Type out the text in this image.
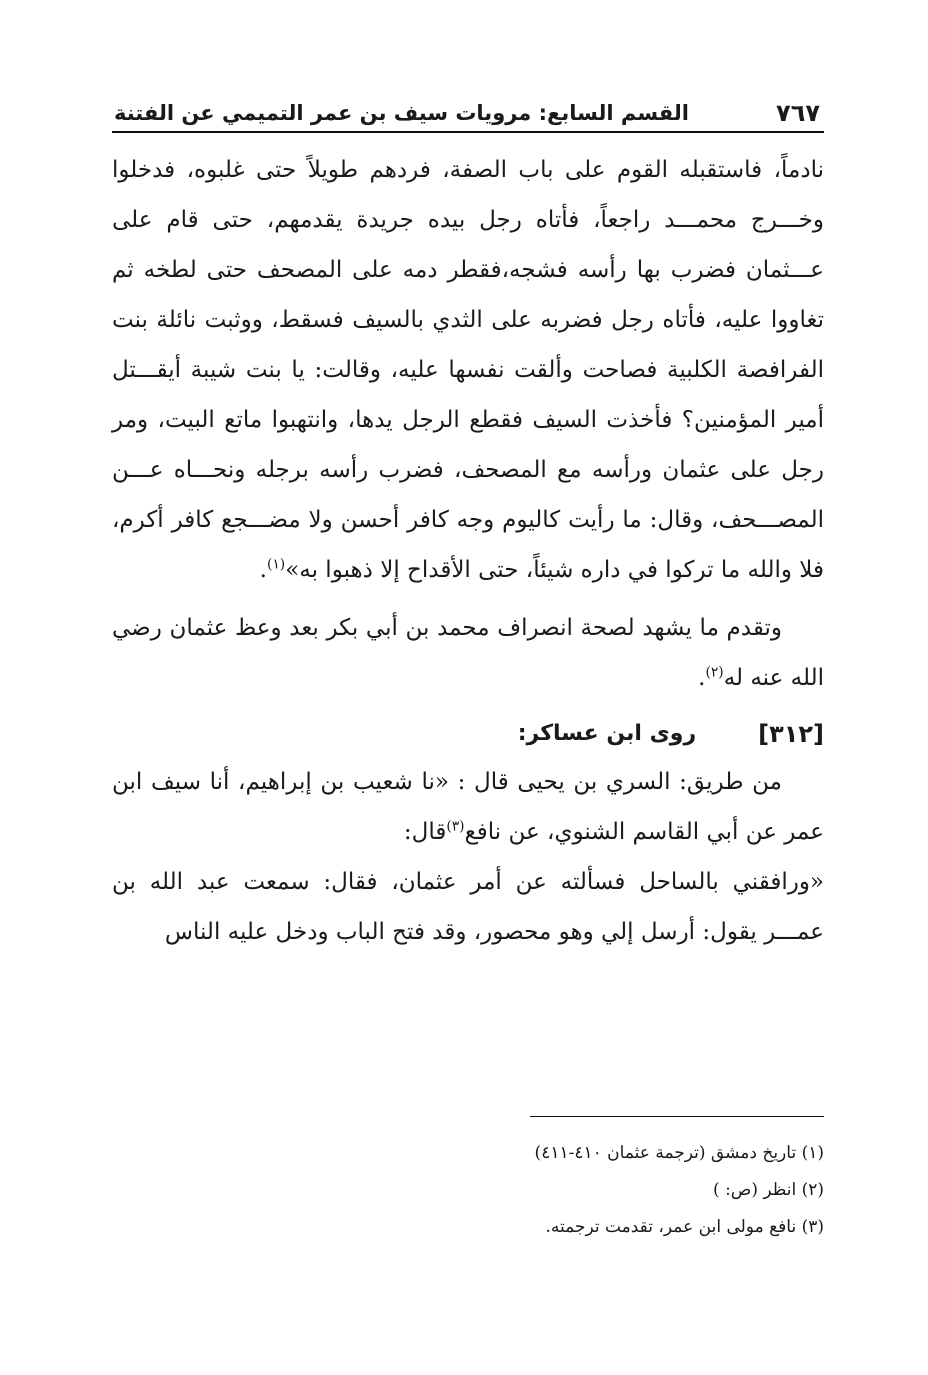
٧٦٧
القسم السابع: مرويات سيف بن عمر التميمي عن الفتنة

نادماً، فاستقبله القوم على باب الصفة، فردهم طويلاً حتى غلبوه، فدخلوا وخـــرج محمـــد راجعاً، فأتاه رجل بيده جريدة يقدمهم، حتى قام على عـــثمان فضرب بها رأسه فشجه،فقطر دمه على المصحف حتى لطخه ثم تغاووا عليه، فأتاه رجل فضربه على الثدي بالسيف فسقط، ووثبت نائلة بنت الفرافصة الكلبية فصاحت وألقت نفسها عليه، وقالت: يا بنت شيبة أيقـــتل أمير المؤمنين؟ فأخذت السيف فقطع الرجل يدها، وانتهبوا ماتع البيت، ومر رجل على عثمان ورأسه مع المصحف، فضرب رأسه برجله ونحـــاه عـــن المصـــحف، وقال: ما رأيت كاليوم وجه كافر أحسن ولا مضـــجع كافر أكرم، فلا والله ما تركوا في داره شيئاً، حتى الأقداح إلا ذهبوا به»$^{(١)}$.

وتقدم ما يشهد لصحة انصراف محمد بن أبي بكر بعد وعظ عثمان رضي الله عنه له$^{(٢)}$.

[٣١٢]
روى ابن عساكر:

من طريق: السري بن يحيى قال : «نا شعيب بن إبراهيم، أنا سيف ابن عمر عن أبي القاسم الشنوي، عن نافع$^{(٣)}$قال:

«ورافقني بالساحل فسألته عن أمر عثمان، فقال: سمعت عبد الله بن عمـــر يقول: أرسل إلي وهو محصور، وقد فتح الباب ودخل عليه الناس

(١) تاريخ دمشق (ترجمة عثمان ٤١٠-٤١١)

(٢) انظر (ص: )

(٣) نافع مولى ابن عمر، تقدمت ترجمته.
